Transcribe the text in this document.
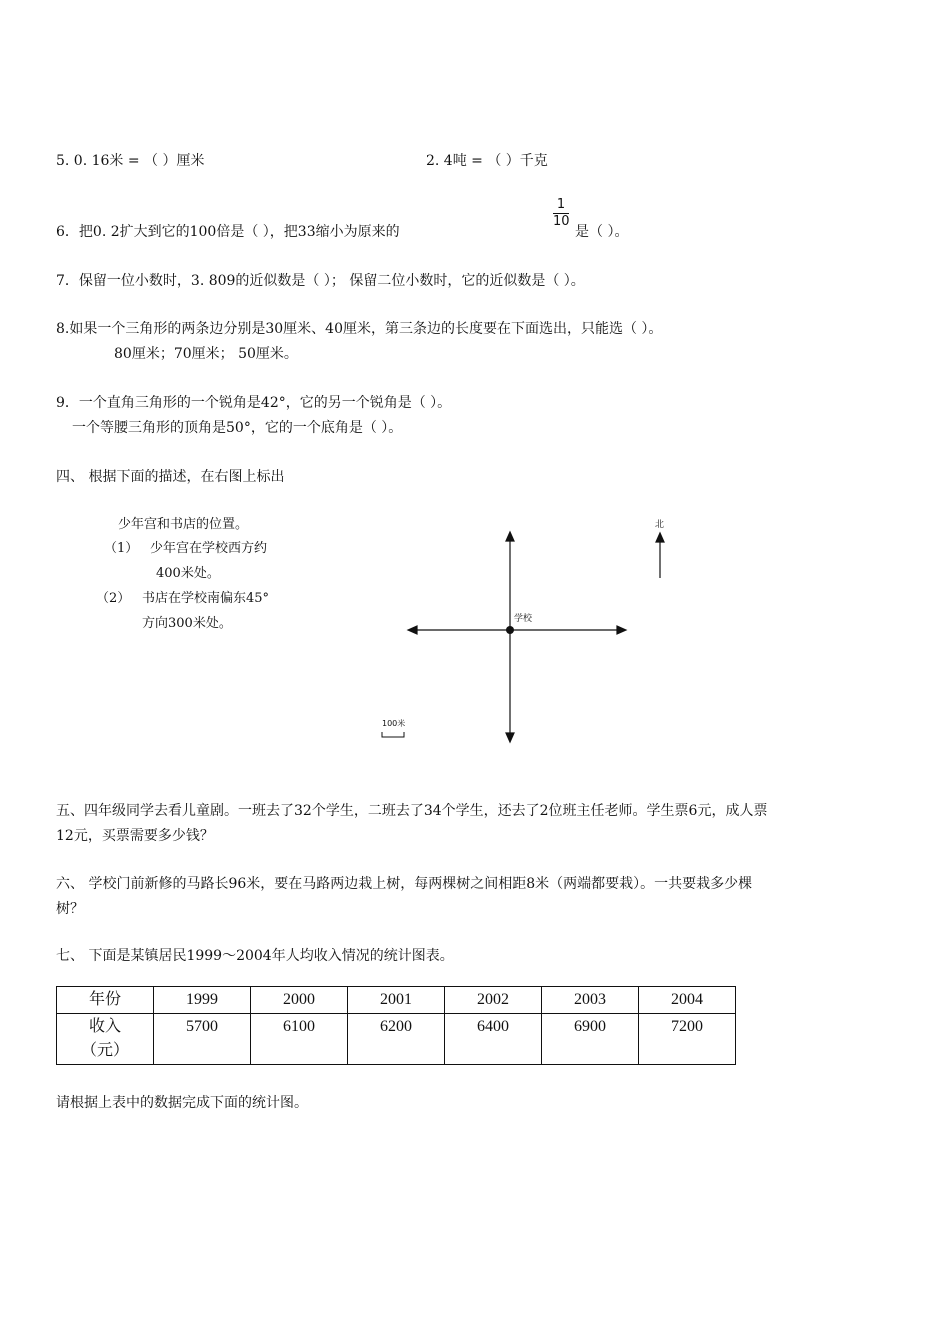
5. 0. 16米 = （ ）厘米	2. 4吨 = （ ）千克
6．把0. 2扩大到它的100倍是（ ），把33缩小为原来的
1
10
是（ ）。
7．保留一位小数时，3. 809的近似数是（ ）； 保留二位小数时，它的近似数是（ ）。
8.如果一个三角形的两条边分别是30厘米、40厘米，第三条边的长度要在下面选出，只能选（ ）。
80厘米；70厘米； 50厘米。
9．一个直角三角形的一个锐角是42°，它的另一个锐角是（ ）。
一个等腰三角形的顶角是50°，它的一个底角是（ ）。
四、 根据下面的描述，在右图上标出
少年宫和书店的位置。
（1） 少年宫在学校西方约
400米处。
（2） 书店在学校南偏东45°
方向300米处。	学校
北
100米
五、四年级同学去看儿童剧。一班去了32个学生，二班去了34个学生，还去了2位班主任老师。学生票6元，成人票
12元，买票需要多少钱？
六、 学校门前新修的马路长96米，要在马路两边栽上树，每两棵树之间相距8米（两端都要栽）。一共要栽多少棵
树？
七、 下面是某镇居民1999～2004年人均收入情况的统计图表。
年份	1999	2000	2001	2002	2003	2004
收入
（元）	5700	6100	6200	6400	6900	7200
请根据上表中的数据完成下面的统计图。
